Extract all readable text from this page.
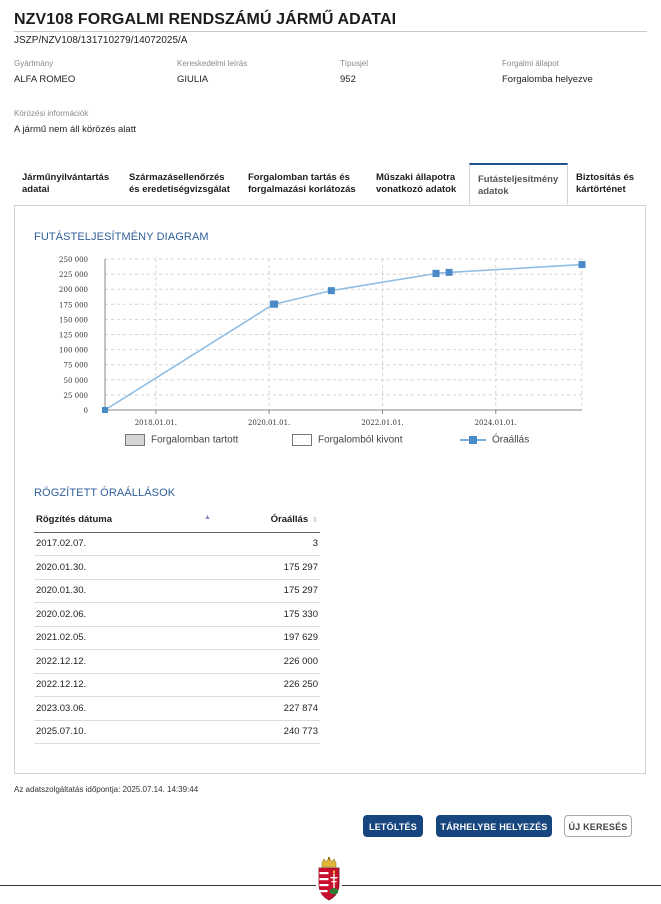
NZV108 FORGALMI RENDSZÁMÚ JÁRMŰ ADATAI
JSZP/NZV108/131710279/14072025/A
Gyártmány
ALFA ROMEO
Kereskedelmi leírás
GIULIA
Típusjel
952
Forgalmi állapot
Forgalomba helyezve
Körözési információk
A jármű nem áll körözés alatt
Járműnyilvántartás
adatai
Származásellenőrzés
és eredetiségvizsgálat
Forgalomban tartás és
forgalmazási korlátozás
Műszaki állapotra
vonatkozó adatok
Futásteljesítmény
adatok
Biztosítás és
kártörténet
FUTÁSTELJESÍTMÉNY DIAGRAM
0
25 000
50 000
75 000
100 000
125 000
150 000
175 000
200 000
225 000
250 000
2018.01.01.	2020.01.01.	2022.01.01.	2024.01.01.
Forgalomban tartott	Forgalomból kivont	Óraállás
RÖGZÍTETT ÓRAÁLLÁSOK
Rögzítés dátuma ▲	Óraállás ⇕
2017.02.07.	3
2020.01.30.	175 297
2020.01.30.	175 297
2020.02.06.	175 330
2021.02.05.	197 629
2022.12.12.	226 000
2022.12.12.	226 250
2023.03.06.	227 874
2025.07.10.	240 773
Az adatszolgáltatás időpontja: 2025.07.14. 14:39:44
LETÖLTÉS	TÁRHELYBE HELYEZÉS	ÚJ KERESÉS
